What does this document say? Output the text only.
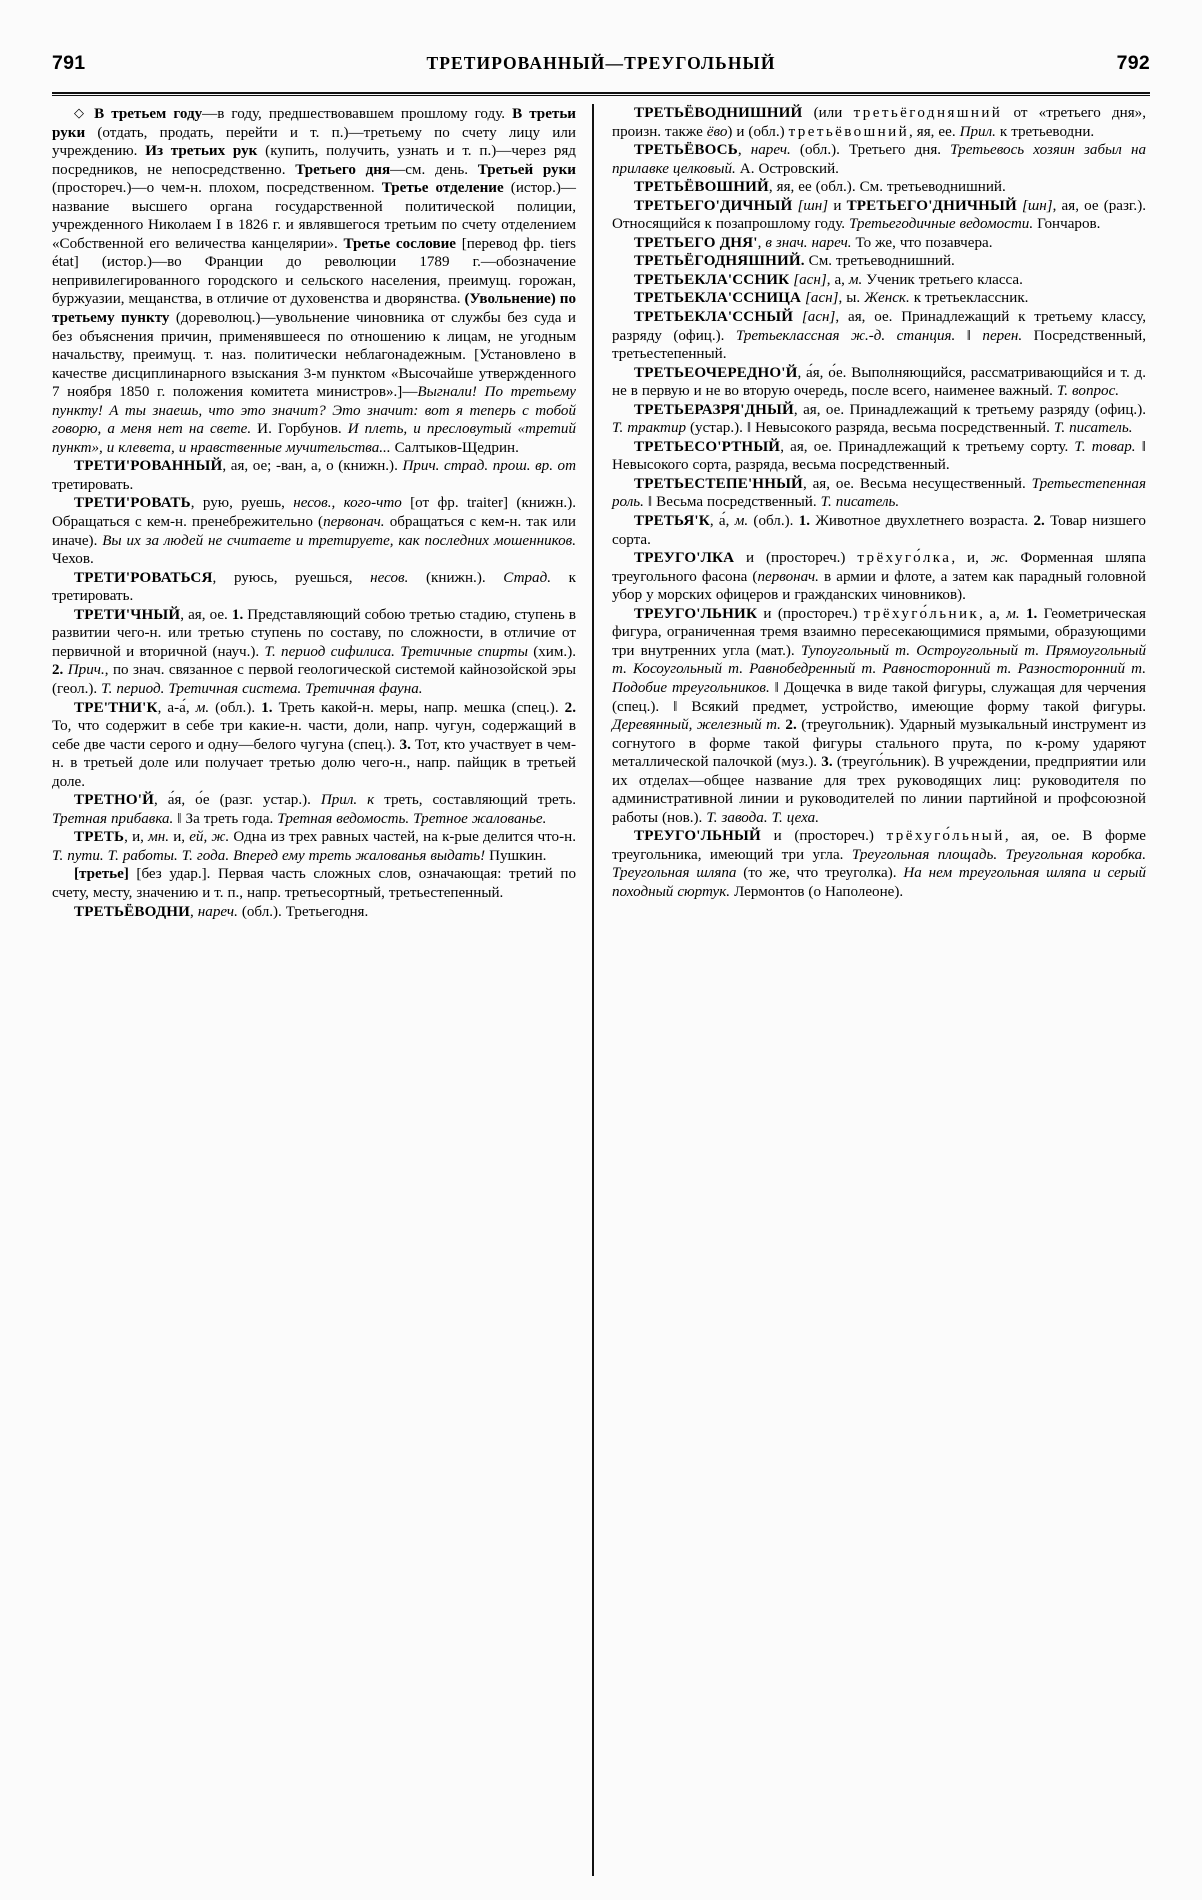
791	ТРЕТИРОВАННЫЙ—ТРЕУГОЛЬНЫЙ	792

◇ В третьем году—в году, предшествовавшем прошлому году. В третьи руки (отдать, продать, перейти и т. п.)—третьему по счету лицу или учреждению. Из третьих рук (купить, получить, узнать и т. п.)—через ряд посредников, не непосредственно. Третьего дня—см. день. Третьей руки (простореч.)—о чем-н. плохом, посредственном. Третье отделение (истор.)—название высшего органа государственной политической полиции, учрежденного Николаем I в 1826 г. и являвшегося третьим по счету отделением «Собственной его величества канцелярии». Третье сословие [перевод фр. tiers état] (истор.)—во Франции до революции 1789 г.—обозначение непривилегированного городского и сельского населения, преимущ. горожан, буржуазии, мещанства, в отличие от духовенства и дворянства. (Увольнение) по третьему пункту (дореволюц.)—увольнение чиновника от службы без суда и без объяснения причин, применявшееся по отношению к лицам, не угодным начальству, преимущ. т. наз. политически неблагонадежным. [Установлено в качестве дисциплинарного взыскания 3-м пунктом «Высочайше утвержденного 7 ноября 1850 г. положения комитета министров».]—Выгнали! По третьему пункту! А ты знаешь, что это значит? Это значит: вот я теперь с тобой говорю, а меня нет на свете. И. Горбунов. И плеть, и пресловутый «третий пункт», и клевета, и нравственные мучительства... Салтыков-Щедрин.

ТРЕТИ'РОВАННЫЙ, ая, ое; -ван, а, о (книжн.). Прич. страд. прош. вр. от третировать.

ТРЕТИ'РОВАТЬ, рую, руешь, несов., кого-что [от фр. traiter] (книжн.). Обращаться с кем-н. пренебрежительно (первонач. обращаться с кем-н. так или иначе). Вы их за людей не считаете и третируете, как последних мошенников. Чехов.

ТРЕТИ'РОВАТЬСЯ, руюсь, руешься, несов. (книжн.). Страд. к третировать.

ТРЕТИ'ЧНЫЙ, ая, ое. 1. Представляющий собою третью стадию, ступень в развитии чего-н. или третью ступень по составу, по сложности, в отличие от первичной и вторичной (науч.). Т. период сифилиса. Третичные спирты (хим.). 2. Прич., по знач. связанное с первой геологической системой кайнозойской эры (геол.). Т. период. Третичная система. Третичная фауна.

ТРЕ'ТНИ'К, а-а́, м. (обл.). 1. Треть какой-н. меры, напр. мешка (спец.). 2. То, что содержит в себе три какие-н. части, доли, напр. чугун, содержащий в себе две части серого и одну—белого чугуна (спец.). 3. Тот, кто участвует в чем-н. в третьей доле или получает третью долю чего-н., напр. пайщик в третьей доле.

ТРЕТНО'Й, а́я, о́е (разг. устар.). Прил. к треть, составляющий треть. Третная прибавка. ‖ За треть года. Третная ведомость. Третное жалованье.

ТРЕТЬ, и, мн. и, ей, ж. Одна из трех равных частей, на к-рые делится что-н. Т. пути. Т. работы. Т. года. Вперед ему треть жалованья выдать! Пушкин.

[третье] [без удар.]. Первая часть сложных слов, означающая: третий по счету, месту, значению и т. п., напр. третьесортный, третьестепенный.

ТРЕТЬЁВОДНИ, нареч. (обл.). Третьегодня.

ТРЕТЬЁВОДНИШНИЙ (или третьёгодняшний от «третьего дня», произн. также ёво) и (обл.) третьёвошний, яя, ее. Прил. к третьеводни.

ТРЕТЬЁВОСЬ, нареч. (обл.). Третьего дня. Третьевось хозяин забыл на прилавке целковый. А. Островский.

ТРЕТЬЁВОШНИЙ, яя, ее (обл.). См. третьеводнишний.

ТРЕТЬЕГО'ДИЧНЫЙ [шн] и ТРЕТЬЕГО'ДНИЧНЫЙ [шн], ая, ое (разг.). Относящийся к позапрошлому году. Третьегодичные ведомости. Гончаров.

ТРЕТЬЕГО ДНЯ', в знач. нареч. То же, что позавчера.

ТРЕТЬЁГОДНЯШНИЙ. См. третьеводнишний.

ТРЕТЬЕКЛА'ССНИК [асн], а, м. Ученик третьего класса.

ТРЕТЬЕКЛА'ССНИЦА [асн], ы. Женск. к третьеклассник.

ТРЕТЬЕКЛА'ССНЫЙ [асн], ая, ое. Принадлежащий к третьему классу, разряду (офиц.). Третьеклассная ж.-д. станция. ‖ перен. Посредственный, третьестепенный.

ТРЕТЬЕОЧЕРЕДНО'Й, а́я, о́е. Выполняющийся, рассматривающийся и т. д. не в первую и не во вторую очередь, после всего, наименее важный. Т. вопрос.

ТРЕТЬЕРАЗРЯ'ДНЫЙ, ая, ое. Принадлежащий к третьему разряду (офиц.). Т. трактир (устар.). ‖ Невысокого разряда, весьма посредственный. Т. писатель.

ТРЕТЬЕСО'РТНЫЙ, ая, ое. Принадлежащий к третьему сорту. Т. товар. ‖ Невысокого сорта, разряда, весьма посредственный.

ТРЕТЬЕСТЕПЕ'ННЫЙ, ая, ое. Весьма несущественный. Третьестепенная роль. ‖ Весьма посредственный. Т. писатель.

ТРЕТЬЯ'К, а́, м. (обл.). 1. Животное двухлетнего возраста. 2. Товар низшего сорта.

ТРЕУГО'ЛКА и (простореч.) трёхуго́лка, и, ж. Форменная шляпа треугольного фасона (первонач. в армии и флоте, а затем как парадный головной убор у морских офицеров и гражданских чиновников).

ТРЕУГО'ЛЬНИК и (простореч.) трёхуго́льник, а, м. 1. Геометрическая фигура, ограниченная тремя взаимно пересекающимися прямыми, образующими три внутренних угла (мат.). Тупоугольный т. Остроугольный т. Прямоугольный т. Косоугольный т. Равнобедренный т. Равносторонний т. Разносторонний т. Подобие треугольников. ‖ Дощечка в виде такой фигуры, служащая для черчения (спец.). ‖ Всякий предмет, устройство, имеющие форму такой фигуры. Деревянный, железный т. 2. (треугольник). Ударный музыкальный инструмент из согнутого в форме такой фигуры стального прута, по к-рому ударяют металлической палочкой (муз.). 3. (треуго́льник). В учреждении, предприятии или их отделах—общее название для трех руководящих лиц: руководителя по административной линии и руководителей по линии партийной и профсоюзной работы (нов.). Т. завода. Т. цеха.

ТРЕУГО'ЛЬНЫЙ и (простореч.) трёхуго́льный, ая, ое. В форме треугольника, имеющий три угла. Треугольная площадь. Треугольная коробка. Треугольная шляпа (то же, что треуголка). На нем треугольная шляпа и серый походный сюртук. Лермонтов (о Наполеоне).
